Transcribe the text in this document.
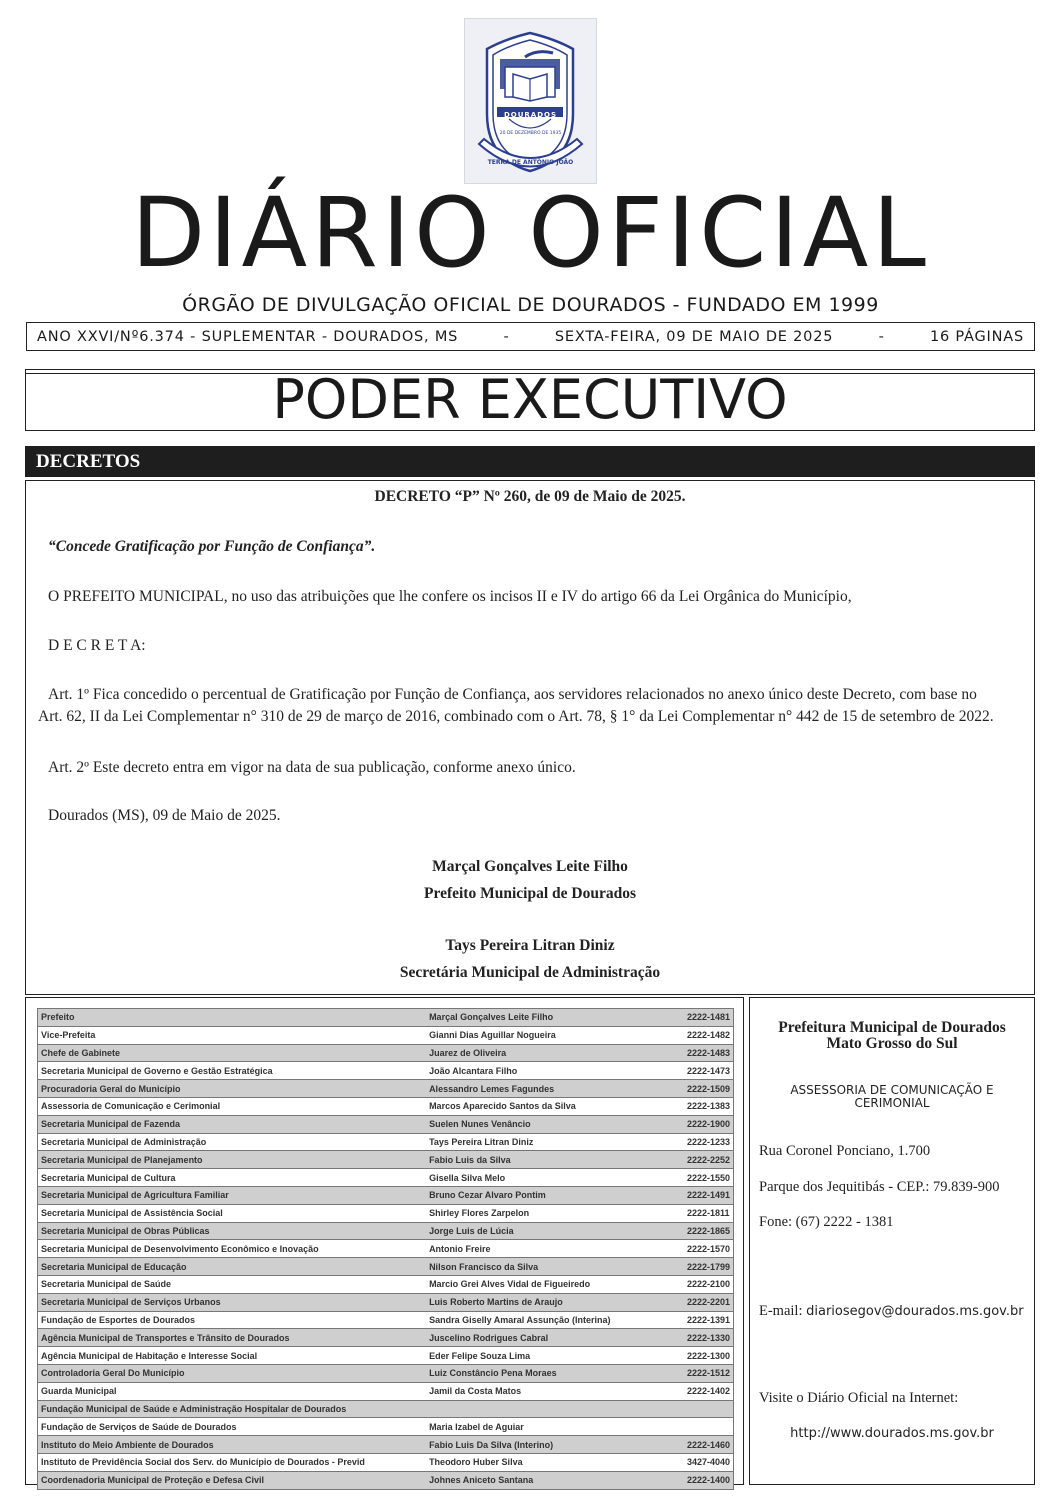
DOURADOS
20 DE DEZEMBRO DE 1935
TERRA DE ANTÔNIO JOÃO
DIÁRIO OFICIAL
ÓRGÃO DE DIVULGAÇÃO OFICIAL DE DOURADOS - FUNDADO EM 1999
ANO XXVI/Nº6.374 - SUPLEMENTAR - DOURADOS, MS	-	SEXTA-FEIRA, 09 DE MAIO DE 2025	-	16 PÁGINAS
PODER EXECUTIVO
DECRETOS
DECRETO “P” Nº 260, de 09 de Maio de 2025.
“Concede Gratificação por Função de Confiança”.
O PREFEITO MUNICIPAL, no uso das atribuições que lhe confere os incisos II e IV do artigo 66 da Lei Orgânica do Município,
D E C R E T A:
Art. 1º Fica concedido o percentual de Gratificação por Função de Confiança, aos servidores relacionados no anexo único deste Decreto, com base no
Art. 62, II da Lei Complementar n° 310 de 29 de março de 2016, combinado com o Art. 78, § 1° da Lei Complementar n° 442 de 15 de setembro de 2022.
Art. 2º Este decreto entra em vigor na data de sua publicação, conforme anexo único.
Dourados (MS), 09 de Maio de 2025.
Marçal Gonçalves Leite Filho
Prefeito Municipal de Dourados
Tays Pereira Litran Diniz
Secretária Municipal de Administração
Prefeito	Marçal Gonçalves Leite Filho	2222-1481
Vice-Prefeita	Gianni Dias Aguillar Nogueira	2222-1482
Chefe de Gabinete	Juarez de Oliveira	2222-1483
Secretaria Municipal de Governo e Gestão Estratégica	João Alcantara Filho	2222-1473
Procuradoria Geral do Município	Alessandro Lemes Fagundes	2222-1509
Assessoria de Comunicação e Cerimonial	Marcos Aparecido Santos da Silva	2222-1383
Secretaria Municipal de Fazenda	Suelen Nunes Venâncio	2222-1900
Secretaria Municipal de Administração	Tays Pereira Litran Diniz	2222-1233
Secretaria Municipal de Planejamento	Fabio Luis da Silva	2222-2252
Secretaria Municipal de Cultura	Gisella Silva Melo	2222-1550
Secretaria Municipal de Agricultura Familiar	Bruno Cezar Alvaro Pontim	2222-1491
Secretaria Municipal de Assistência Social	Shirley Flores Zarpelon	2222-1811
Secretaria Municipal de Obras Públicas	Jorge Luis de Lúcia	2222-1865
Secretaria Municipal de Desenvolvimento Econômico e Inovação	Antonio Freire	2222-1570
Secretaria Municipal de Educação	Nilson Francisco da Silva	2222-1799
Secretaria Municipal de Saúde	Marcio Grei Alves Vidal de Figueiredo	2222-2100
Secretaria Municipal de Serviços Urbanos	Luis Roberto Martins de Araujo	2222-2201
Fundação de Esportes de Dourados	Sandra Giselly Amaral Assunção (Interina)	2222-1391
Agência Municipal de Transportes e Trânsito de Dourados	Juscelino Rodrigues Cabral	2222-1330
Agência Municipal de Habitação e Interesse Social	Eder Felipe Souza Lima	2222-1300
Controladoria Geral Do Município	Luiz Constâncio Pena Moraes	2222-1512
Guarda Municipal	Jamil da Costa Matos	2222-1402
Fundação Municipal de Saúde e Administração Hospitalar de Dourados		
Fundação de Serviços de Saúde de Dourados	Maria Izabel de Aguiar	
Instituto do Meio Ambiente de Dourados	Fabio Luis Da Silva (Interino)	2222-1460
Instituto de Previdência Social dos Serv. do Município de Dourados - Previd	Theodoro Huber Silva	3427-4040
Coordenadoria Municipal de Proteção e Defesa Civil	Johnes Aniceto Santana	2222-1400
Prefeitura Municipal de Dourados
Mato Grosso do Sul
ASSESSORIA DE COMUNICAÇÃO E
CERIMONIAL
Rua Coronel Ponciano, 1.700
Parque dos Jequitibás - CEP.: 79.839-900
Fone: (67) 2222 - 1381
E-mail: diariosegov@dourados.ms.gov.br
Visite o Diário Oficial na Internet:
http://www.dourados.ms.gov.br
